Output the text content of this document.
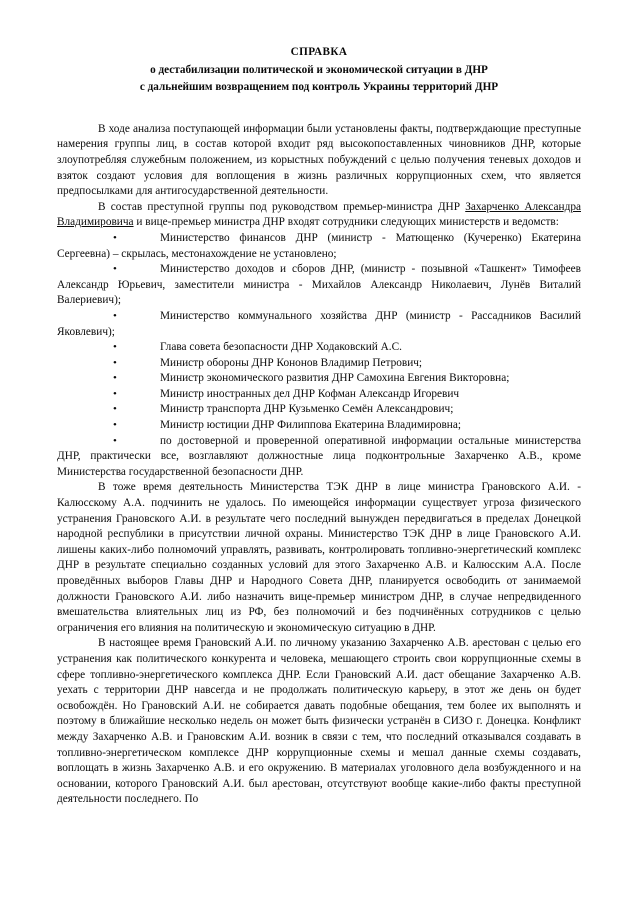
СПРАВКА
о дестабилизации политической и экономической ситуации в ДНР
с дальнейшим возвращением под контроль Украины территорий ДНР

В ходе анализа поступающей информации были установлены факты, подтверждающие преступные намерения группы лиц, в состав которой входит ряд высокопоставленных чиновников ДНР, которые злоупотребляя служебным положением, из корыстных побуждений с целью получения теневых доходов и взяток создают условия для воплощения в жизнь различных коррупционных схем, что является предпосылками для антигосударственной деятельности.

В состав преступной группы под руководством премьер-министра ДНР Захарченко Александра Владимировича и вице-премьер министра ДНР входят сотрудники следующих министерств и ведомств:

•	Министерство финансов ДНР (министр - Матющенко (Кучеренко) Екатерина Сергеевна) – скрылась, местонахождение не установлено;
•	Министерство доходов и сборов ДНР, (министр - позывной «Ташкент» Тимофеев Александр Юрьевич, заместители министра - Михайлов Александр Николаевич, Лунёв Виталий Валериевич);
•	Министерство коммунального хозяйства ДНР (министр - Рассадников Василий Яковлевич);
•	Глава совета безопасности ДНР Ходаковский А.С.
•	Министр обороны ДНР Кононов Владимир Петрович;
•	Министр экономического развития ДНР Самохина Евгения Викторовна;
•	Министр иностранных дел ДНР Кофман Александр Игоревич
•	Министр транспорта ДНР Кузьменко Семён Александрович;
•	Министр юстиции ДНР Филиппова Екатерина Владимировна;
•	по достоверной и проверенной оперативной информации остальные министерства ДНР, практически все, возглавляют должностные лица подконтрольные Захарченко А.В., кроме Министерства государственной безопасности ДНР.

В тоже время деятельность Министерства ТЭК ДНР в лице министра Грановского А.И. - Калюсскому А.А. подчинить не удалось. По имеющейся информации существует угроза физического устранения Грановского А.И. в результате чего последний вынужден передвигаться в пределах Донецкой народной республики в присутствии личной охраны. Министерство ТЭК ДНР в лице Грановского А.И. лишены каких-либо полномочий управлять, развивать, контролировать топливно-энергетический комплекс ДНР в результате специально созданных условий для этого Захарченко А.В. и Калюсским А.А. После проведённых выборов Главы ДНР и Народного Совета ДНР, планируется освободить от занимаемой должности Грановского А.И. либо назначить вице-премьер министром ДНР, в случае непредвиденного вмешательства влиятельных лиц из РФ, без полномочий и без подчинённых сотрудников с целью ограничения его влияния на политическую и экономическую ситуацию в ДНР.

В настоящее время Грановский А.И. по личному указанию Захарченко А.В. арестован с целью его устранения как политического конкурента и человека, мешающего строить свои коррупционные схемы в сфере топливно-энергетического комплекса ДНР. Если Грановский А.И. даст обещание Захарченко А.В. уехать с территории ДНР навсегда и не продолжать политическую карьеру, в этот же день он будет освобождён. Но Грановский А.И. не собирается давать подобные обещания, тем более их выполнять и поэтому в ближайшие несколько недель он может быть физически устранён в СИЗО г. Донецка. Конфликт между Захарченко А.В. и Грановским А.И. возник в связи с тем, что последний отказывался создавать в топливно-энергетическом комплексе ДНР коррупционные схемы и мешал данные схемы создавать, воплощать в жизнь Захарченко А.В. и его окружению. В материалах уголовного дела возбужденного и на основании, которого Грановский А.И. был арестован, отсутствуют вообще какие-либо факты преступной деятельности последнего. По
